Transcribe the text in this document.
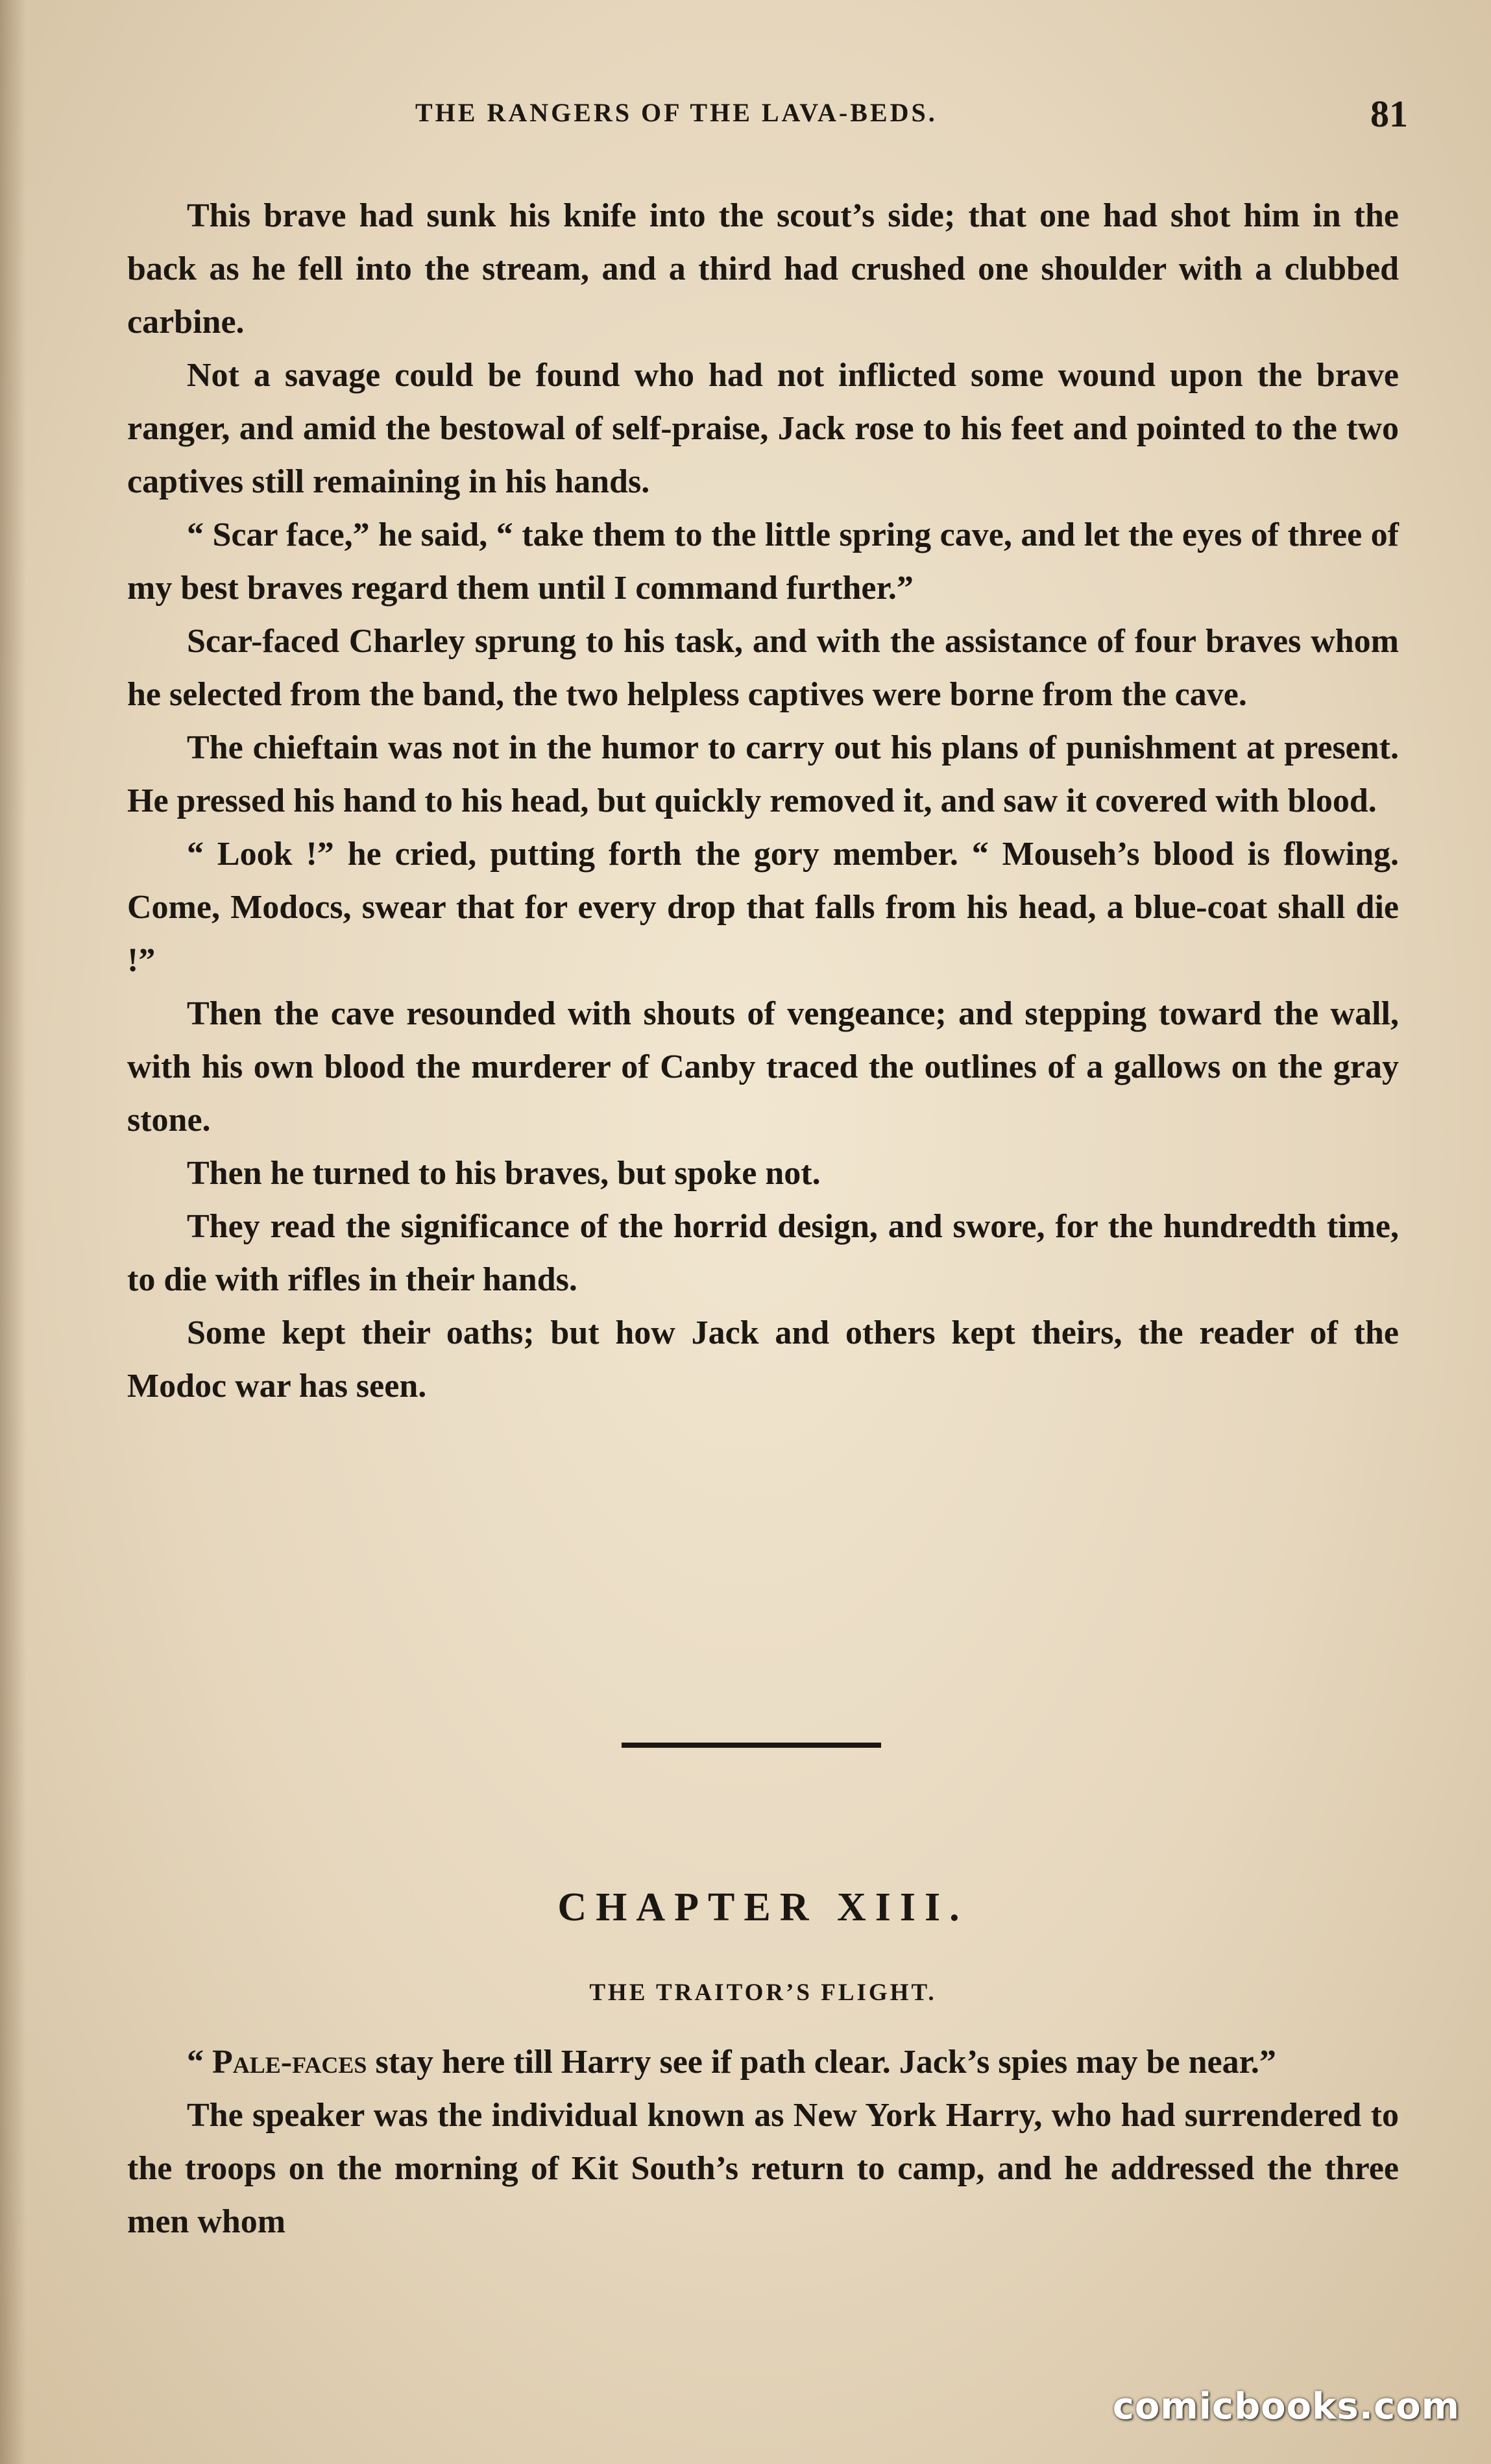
THE RANGERS OF THE LAVA-BEDS.	81

This brave had sunk his knife into the scout’s side; that one had shot him in the back as he fell into the stream, and a third had crushed one shoulder with a clubbed carbine.

Not a savage could be found who had not inflicted some wound upon the brave ranger, and amid the bestowal of self-praise, Jack rose to his feet and pointed to the two captives still remaining in his hands.

“ Scar face,” he said, “ take them to the little spring cave, and let the eyes of three of my best braves regard them until I command further.”

Scar-faced Charley sprung to his task, and with the assistance of four braves whom he selected from the band, the two helpless captives were borne from the cave.

The chieftain was not in the humor to carry out his plans of punishment at present. He pressed his hand to his head, but quickly removed it, and saw it covered with blood.

“ Look !” he cried, putting forth the gory member. “ Mouseh’s blood is flowing. Come, Modocs, swear that for every drop that falls from his head, a blue-coat shall die !”

Then the cave resounded with shouts of vengeance; and stepping toward the wall, with his own blood the murderer of Canby traced the outlines of a gallows on the gray stone.

Then he turned to his braves, but spoke not.

They read the significance of the horrid design, and swore, for the hundredth time, to die with rifles in their hands.

Some kept their oaths; but how Jack and others kept theirs, the reader of the Modoc war has seen.

CHAPTER XIII.
THE TRAITOR’S FLIGHT.

“ Pale-faces stay here till Harry see if path clear. Jack’s spies may be near.”

The speaker was the individual known as New York Harry, who had surrendered to the troops on the morning of Kit South’s return to camp, and he addressed the three men whom

comicbooks.com
